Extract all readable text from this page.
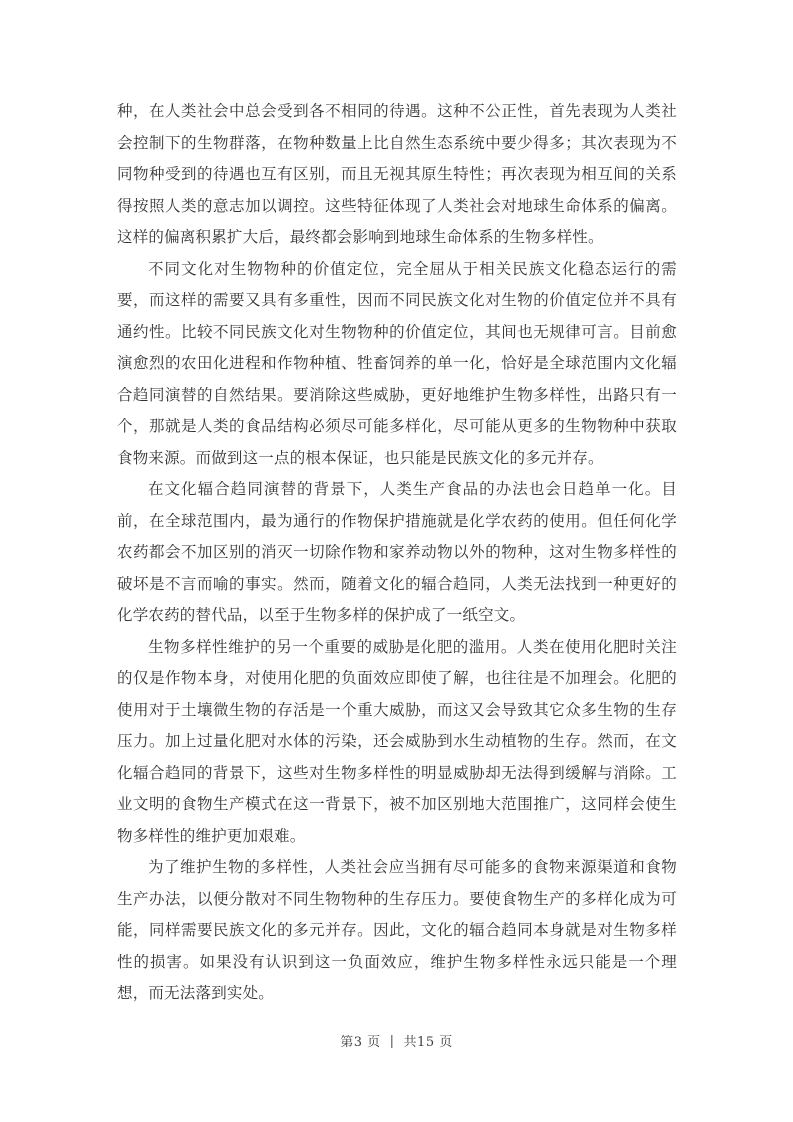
种，在人类社会中总会受到各不相同的待遇。这种不公正性，首先表现为人类社会控制下的生物群落，在物种数量上比自然生态系统中要少得多；其次表现为不同物种受到的待遇也互有区别，而且无视其原生特性；再次表现为相互间的关系得按照人类的意志加以调控。这些特征体现了人类社会对地球生命体系的偏离。这样的偏离积累扩大后，最终都会影响到地球生命体系的生物多样性。

不同文化对生物物种的价值定位，完全屈从于相关民族文化稳态运行的需要，而这样的需要又具有多重性，因而不同民族文化对生物的价值定位并不具有通约性。比较不同民族文化对生物物种的价值定位，其间也无规律可言。目前愈演愈烈的农田化进程和作物种植、牲畜饲养的单一化，恰好是全球范围内文化辐合趋同演替的自然结果。要消除这些威胁，更好地维护生物多样性，出路只有一个，那就是人类的食品结构必须尽可能多样化，尽可能从更多的生物物种中获取食物来源。而做到这一点的根本保证，也只能是民族文化的多元并存。

在文化辐合趋同演替的背景下，人类生产食品的办法也会日趋单一化。目前，在全球范围内，最为通行的作物保护措施就是化学农药的使用。但任何化学农药都会不加区别的消灭一切除作物和家养动物以外的物种，这对生物多样性的破坏是不言而喻的事实。然而，随着文化的辐合趋同，人类无法找到一种更好的化学农药的替代品，以至于生物多样的保护成了一纸空文。

生物多样性维护的另一个重要的威胁是化肥的滥用。人类在使用化肥时关注的仅是作物本身，对使用化肥的负面效应即使了解，也往往是不加理会。化肥的使用对于土壤微生物的存活是一个重大威胁，而这又会导致其它众多生物的生存压力。加上过量化肥对水体的污染，还会威胁到水生动植物的生存。然而，在文化辐合趋同的背景下，这些对生物多样性的明显威胁却无法得到缓解与消除。工业文明的食物生产模式在这一背景下，被不加区别地大范围推广，这同样会使生物多样性的维护更加艰难。

为了维护生物的多样性，人类社会应当拥有尽可能多的食物来源渠道和食物生产办法，以便分散对不同生物物种的生存压力。要使食物生产的多样化成为可能，同样需要民族文化的多元并存。因此，文化的辐合趋同本身就是对生物多样性的损害。如果没有认识到这一负面效应，维护生物多样性永远只能是一个理想，而无法落到实处。

第3 页 | 共15 页
